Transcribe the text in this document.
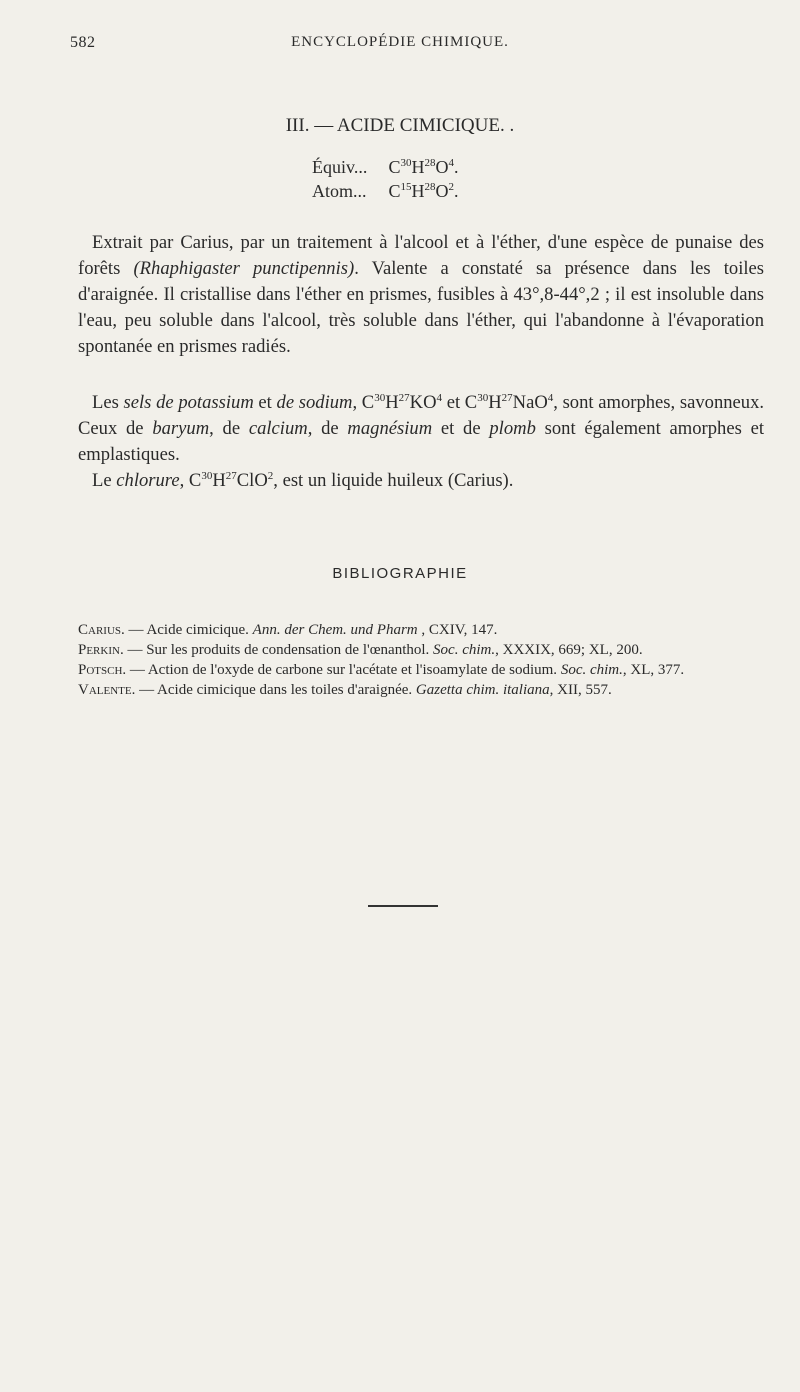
582	ENCYCLOPÉDIE CHIMIQUE.
III. — ACIDE CIMICIQUE. .
Équiv... $C^{30}H^{28}O^4$.
Atom... $C^{15}H^{28}O^2$.

Extrait par Carius, par un traitement à l'alcool et à l'éther, d'une espèce de punaise des forêts (Rhaphigaster punctipennis). Valente a constaté sa présence dans les toiles d'araignée. Il cristallise dans l'éther en prismes, fusibles à 43°,8-44°,2 ; il est insoluble dans l'eau, peu soluble dans l'alcool, très soluble dans l'éther, qui l'abandonne à l'évaporation spontanée en prismes radiés.

Les sels de potassium et de sodium, $C^{30}H^{27}KO^4$ et $C^{30}H^{27}NaO^4$, sont amorphes, savonneux. Ceux de baryum, de calcium, de magnésium et de plomb sont également amorphes et emplastiques.

Le chlorure, $C^{30}H^{27}ClO^2$, est un liquide huileux (Carius).

BIBLIOGRAPHIE

Carius. — Acide cimicique. Ann. der Chem. und Pharm , CXIV, 147.

Perkin. — Sur les produits de condensation de l'œnanthol. Soc. chim., XXXIX, 669; XL, 200.

Potsch. — Action de l'oxyde de carbone sur l'acétate et l'isoamylate de sodium. Soc. chim., XL, 377.

Valente. — Acide cimicique dans les toiles d'araignée. Gazetta chim. italiana, XII, 557.
